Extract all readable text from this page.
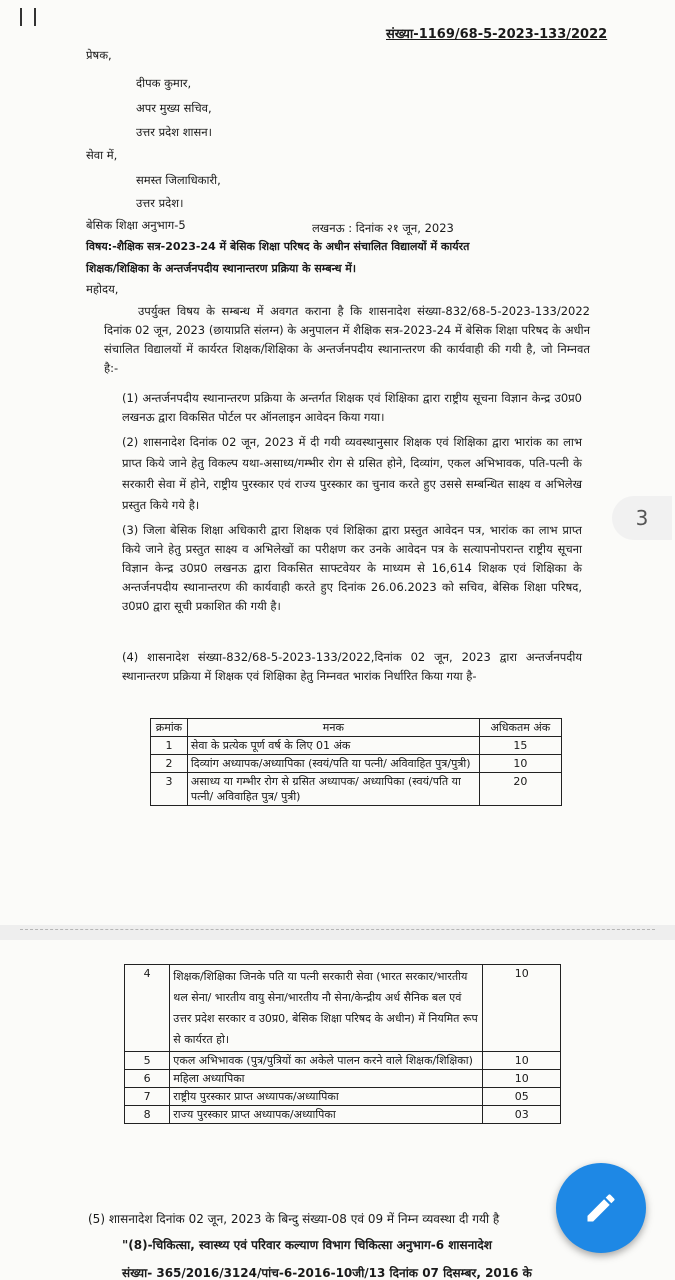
संख्या-1169/68-5-2023-133/2022
प्रेषक,
दीपक कुमार,
अपर मुख्य सचिव,
उत्तर प्रदेश शासन।
सेवा में,
समस्त जिलाधिकारी,
उत्तर प्रदेश।
बेसिक शिक्षा अनुभाग-5	लखनऊ : दिनांक २१ जून, 2023
विषय:-शैक्षिक सत्र-2023-24 में बेसिक शिक्षा परिषद के अधीन संचालित विद्यालयों में कार्यरत
शिक्षक/शिक्षिका के अन्तर्जनपदीय स्थानान्तरण प्रक्रिया के सम्बन्ध में।
महोदय,
उपर्युक्त विषय के सम्बन्ध में अवगत कराना है कि शासनादेश संख्या-832/68-5-2023-133/2022 दिनांक 02 जून, 2023 (छायाप्रति संलग्न) के अनुपालन में शैक्षिक सत्र-2023-24 में बेसिक शिक्षा परिषद के अधीन संचालित विद्यालयों में कार्यरत शिक्षक/शिक्षिका के अन्तर्जनपदीय स्थानान्तरण की कार्यवाही की गयी है, जो निम्नवत है:-
(1) अन्तर्जनपदीय स्थानान्तरण प्रक्रिया के अन्तर्गत शिक्षक एवं शिक्षिका द्वारा राष्ट्रीय सूचना विज्ञान केन्द्र उ0प्र0 लखनऊ द्वारा विकसित पोर्टल पर ऑनलाइन आवेदन किया गया।
(2) शासनादेश दिनांक 02 जून, 2023 में दी गयी व्यवस्थानुसार शिक्षक एवं शिक्षिका द्वारा भारांक का लाभ प्राप्त किये जाने हेतु विकल्प यथा-असाध्य/गम्भीर रोग से ग्रसित होने, दिव्यांग, एकल अभिभावक, पति-पत्नी के सरकारी सेवा में होने, राष्ट्रीय पुरस्कार एवं राज्य पुरस्कार का चुनाव करते हुए उससे सम्बन्धित साक्ष्य व अभिलेख प्रस्तुत किये गये है।
(3) जिला बेसिक शिक्षा अधिकारी द्वारा शिक्षक एवं शिक्षिका द्वारा प्रस्तुत आवेदन पत्र, भारांक का लाभ प्राप्त किये जाने हेतु प्रस्तुत साक्ष्य व अभिलेखों का परीक्षण कर उनके आवेदन पत्र के सत्यापनोपरान्त राष्ट्रीय सूचना विज्ञान केन्द्र उ0प्र0 लखनऊ द्वारा विकसित साफ्टवेयर के माध्यम से 16,614 शिक्षक एवं शिक्षिका के अन्तर्जनपदीय स्थानान्तरण की कार्यवाही करते हुए दिनांक 26.06.2023 को सचिव, बेसिक शिक्षा परिषद, उ0प्र0 द्वारा सूची प्रकाशित की गयी है।
(4) शासनादेश संख्या-832/68-5-2023-133/2022,दिनांक 02 जून, 2023 द्वारा अन्तर्जनपदीय स्थानान्तरण प्रक्रिया में शिक्षक एवं शिक्षिका हेतु निम्नवत भारांक निर्धारित किया गया है-
क्रमांक	मनक	अधिकतम अंक
1	सेवा के प्रत्येक पूर्ण वर्ष के लिए 01 अंक	15
2	दिव्यांग अध्यापक/अध्यापिका (स्वयं/पति या पत्नी/ अविवाहित पुत्र/पुत्री)	10
3	असाध्य या गम्भीर रोग से ग्रसित अध्यापक/ अध्यापिका (स्वयं/पति या पत्नी/ अविवाहित पुत्र/ पुत्री)	20
4	शिक्षक/शिक्षिका जिनके पति या पत्नी सरकारी सेवा (भारत सरकार/भारतीय थल सेना/ भारतीय वायु सेना/भारतीय नौ सेना/केन्द्रीय अर्ध सैनिक बल एवं उत्तर प्रदेश सरकार व उ0प्र0, बेसिक शिक्षा परिषद के अधीन) में नियमित रूप से कार्यरत हो।	10
5	एकल अभिभावक (पुत्र/पुत्रियों का अकेले पालन करने वाले शिक्षक/शिक्षिका)	10
6	महिला अध्यापिका	10
7	राष्ट्रीय पुरस्कार प्राप्त अध्यापक/अध्यापिका	05
8	राज्य पुरस्कार प्राप्त अध्यापक/अध्यापिका	03
(5) शासनादेश दिनांक 02 जून, 2023 के बिन्दु संख्या-08 एवं 09 में निम्न व्यवस्था दी गयी है
"(8)-चिकित्सा, स्वास्थ्य एवं परिवार कल्याण विभाग चिकित्सा अनुभाग-6 शासनादेश
संख्या- 365/2016/3124/पांच-6-2016-10जी/13 दिनांक 07 दिसम्बर, 2016 के
3
